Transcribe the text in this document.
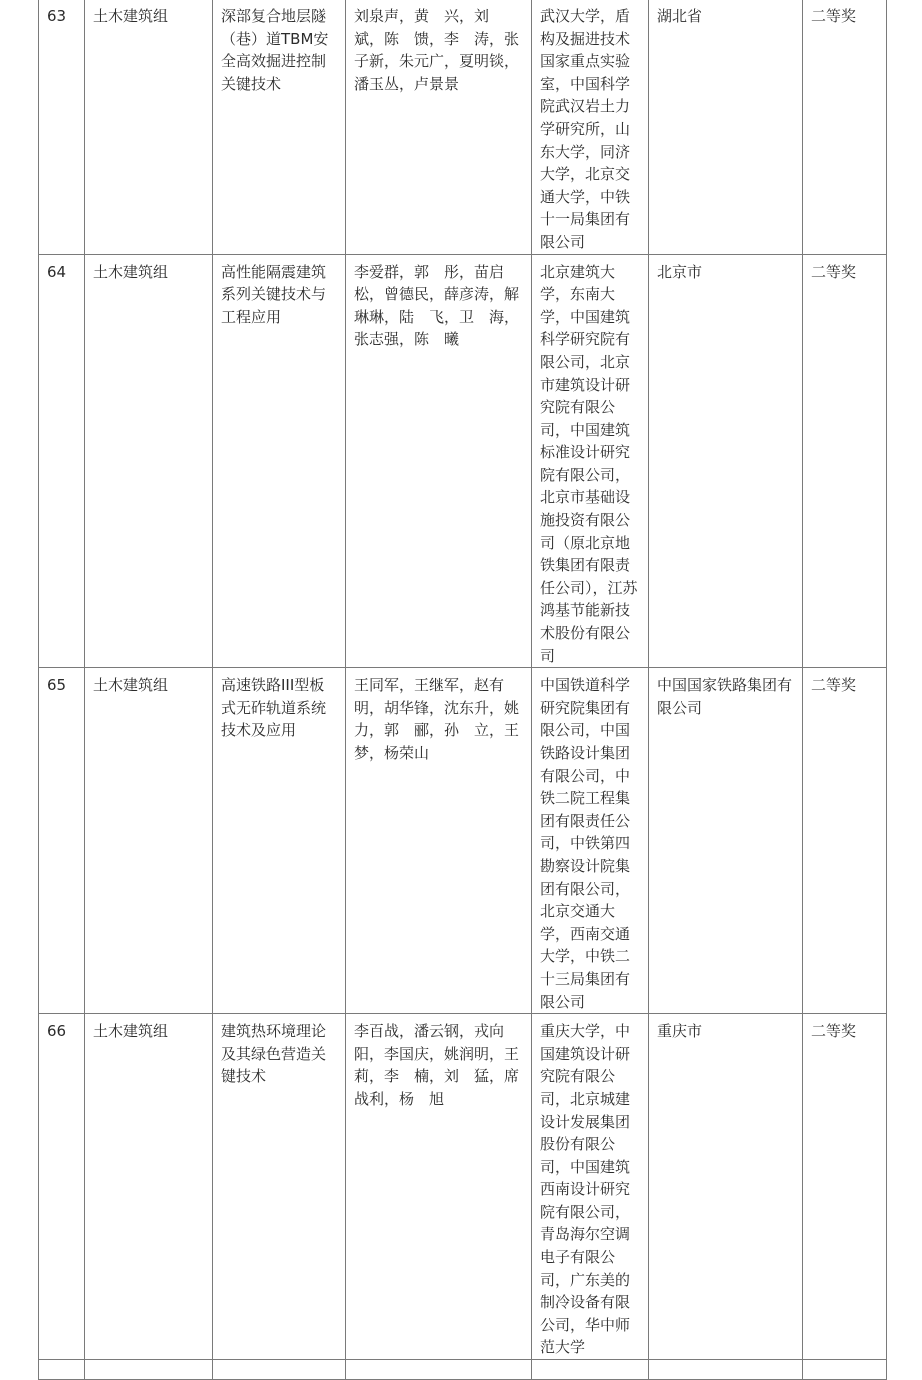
63	土木建筑组	深部复合地层隧（巷）道TBM安全高效掘进控制关键技术	刘泉声，黄　兴，刘　斌，陈　馈，李　涛，张子新，朱元广，夏明锬，潘玉丛，卢景景	武汉大学，盾构及掘进技术国家重点实验室，中国科学院武汉岩土力学研究所，山东大学，同济大学，北京交通大学，中铁十一局集团有限公司	湖北省	二等奖
64	土木建筑组	高性能隔震建筑系列关键技术与工程应用	李爱群，郭　彤，苗启松，曾德民，薛彦涛，解琳琳，陆　飞，卫　海，张志强，陈　曦	北京建筑大学，东南大学，中国建筑科学研究院有限公司，北京市建筑设计研究院有限公司，中国建筑标准设计研究院有限公司，北京市基础设施投资有限公司（原北京地铁集团有限责任公司），江苏鸿基节能新技术股份有限公司	北京市	二等奖
65	土木建筑组	高速铁路III型板式无砟轨道系统技术及应用	王同军，王继军，赵有明，胡华锋，沈东升，姚　力，郭　郦，孙　立，王　梦，杨荣山	中国铁道科学研究院集团有限公司，中国铁路设计集团有限公司，中铁二院工程集团有限责任公司，中铁第四勘察设计院集团有限公司，北京交通大学，西南交通大学，中铁二十三局集团有限公司	中国国家铁路集团有限公司	二等奖
66	土木建筑组	建筑热环境理论及其绿色营造关键技术	李百战，潘云钢，戎向阳，李国庆，姚润明，王　莉，李　楠，刘　猛，席战利，杨　旭	重庆大学，中国建筑设计研究院有限公司，北京城建设计发展集团股份有限公司，中国建筑西南设计研究院有限公司，青岛海尔空调电子有限公司，广东美的制冷设备有限公司，华中师范大学	重庆市	二等奖
